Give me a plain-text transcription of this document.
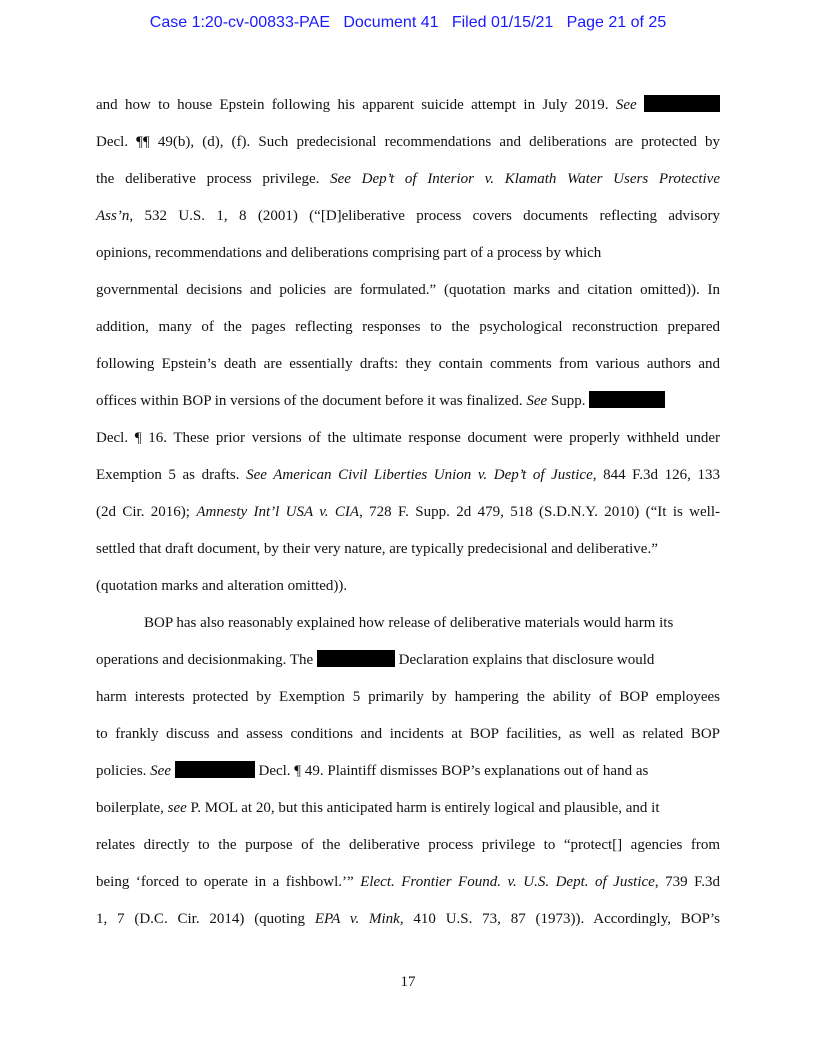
Case 1:20-cv-00833-PAE   Document 41   Filed 01/15/21   Page 21 of 25
and how to house Epstein following his apparent suicide attempt in July 2019. See
Decl. ¶¶ 49(b), (d), (f). Such predecisional recommendations and deliberations are protected by
the deliberative process privilege. See Dep’t of Interior v. Klamath Water Users Protective
Ass’n, 532 U.S. 1, 8 (2001) (“[D]eliberative process covers documents reflecting advisory
opinions, recommendations and deliberations comprising part of a process by which
governmental decisions and policies are formulated.” (quotation marks and citation omitted)). In
addition, many of the pages reflecting responses to the psychological reconstruction prepared
following Epstein’s death are essentially drafts: they contain comments from various authors and
offices within BOP in versions of the document before it was finalized. See Supp.
Decl. ¶ 16. These prior versions of the ultimate response document were properly withheld under
Exemption 5 as drafts. See American Civil Liberties Union v. Dep’t of Justice, 844 F.3d 126, 133
(2d Cir. 2016); Amnesty Int’l USA v. CIA, 728 F. Supp. 2d 479, 518 (S.D.N.Y. 2010) (“It is well-
settled that draft document, by their very nature, are typically predecisional and deliberative.”
(quotation marks and alteration omitted)).
BOP has also reasonably explained how release of deliberative materials would harm its
operations and decisionmaking. The	Declaration explains that disclosure would
harm interests protected by Exemption 5 primarily by hampering the ability of BOP employees
to frankly discuss and assess conditions and incidents at BOP facilities, as well as related BOP
policies. See	Decl. ¶ 49. Plaintiff dismisses BOP’s explanations out of hand as
boilerplate, see P. MOL at 20, but this anticipated harm is entirely logical and plausible, and it
relates directly to the purpose of the deliberative process privilege to “protect[] agencies from
being ‘forced to operate in a fishbowl.’” Elect. Frontier Found. v. U.S. Dept. of Justice, 739 F.3d
1, 7 (D.C. Cir. 2014) (quoting EPA v. Mink, 410 U.S. 73, 87 (1973)). Accordingly, BOP’s
17
